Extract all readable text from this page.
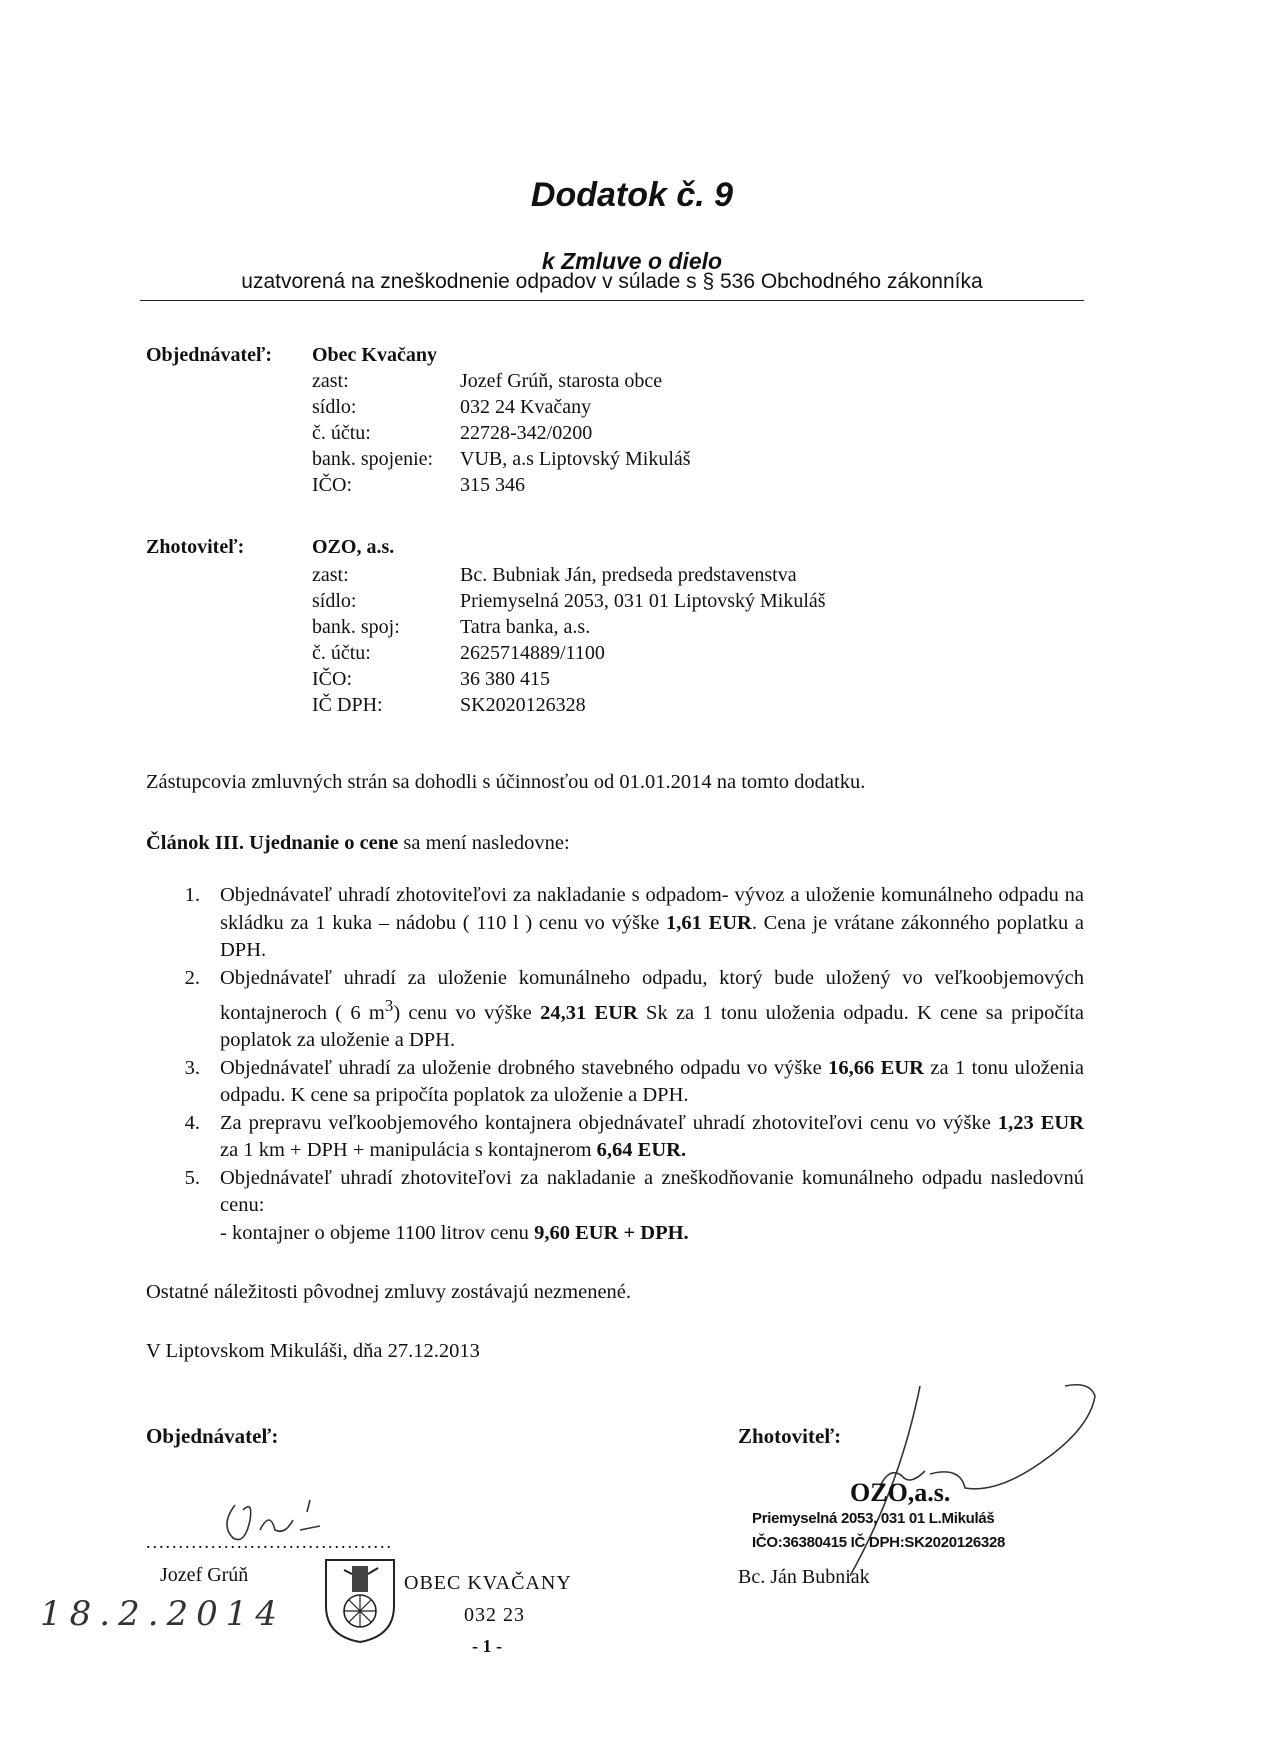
Dodatok č. 9
k Zmluve o dielo
uzatvorená na zneškodnenie odpadov v súlade s § 536 Obchodného zákonníka
Objednávateľ: Obec Kvačany
zast:	Jozef Grúň, starosta obce
sídlo:	032 24 Kvačany
č. účtu:	22728-342/0200
bank. spojenie: VUB, a.s Liptovský Mikuláš
IČO:	315 346
Zhotoviteľ:	OZO, a.s.
zast:	Bc. Bubniak Ján, predseda predstavenstva
sídlo:	Priemyselná 2053, 031 01 Liptovský Mikuláš
bank. spoj:	Tatra banka, a.s.
č. účtu:	2625714889/1100
IČO:	36 380 415
IČ DPH:	SK2020126328
Zástupcovia zmluvných strán sa dohodli s účinnosťou od 01.01.2014 na tomto dodatku.
Článok III. Ujednanie o cene sa mení nasledovne:
1. Objednávateľ uhradí zhotoviteľovi za nakladanie s odpadom- vývoz a uloženie komunálneho odpadu na skládku za 1 kuka – nádobu ( 110 l ) cenu vo výške 1,61 EUR. Cena je vrátane zákonného poplatku a DPH.
2. Objednávateľ uhradí za uloženie komunálneho odpadu, ktorý bude uložený vo veľkoobjemových kontajneroch ( 6 $m^3$) cenu vo výške 24,31 EUR Sk za 1 tonu uloženia odpadu. K cene sa pripočíta poplatok za uloženie a DPH.
3. Objednávateľ uhradí za uloženie drobného stavebného odpadu vo výške 16,66 EUR za 1 tonu uloženia odpadu. K cene sa pripočíta poplatok za uloženie a DPH.
4. Za prepravu veľkoobjemového kontajnera objednávateľ uhradí zhotoviteľovi cenu vo výške 1,23 EUR za 1 km + DPH + manipulácia s kontajnerom 6,64 EUR.
5. Objednávateľ uhradí zhotoviteľovi za nakladanie a zneškodňovanie komunálneho odpadu nasledovnú cenu:
- kontajner o objeme 1100 litrov cenu 9,60 EUR + DPH.
Ostatné náležitosti pôvodnej zmluvy zostávajú nezmenené.
V Liptovskom Mikuláši, dňa 27.12.2013
Objednávateľ:
......................................
Jozef Grúň
18.2.2014
OBEC KVAČANY
032 23
- 1 -
Zhotoviteľ:
OZO,a.s.
Priemyselná 2053, 031 01 L.Mikuláš
IČO:36380415 IČ DPH:SK2020126328
Bc. Ján Bubniak
